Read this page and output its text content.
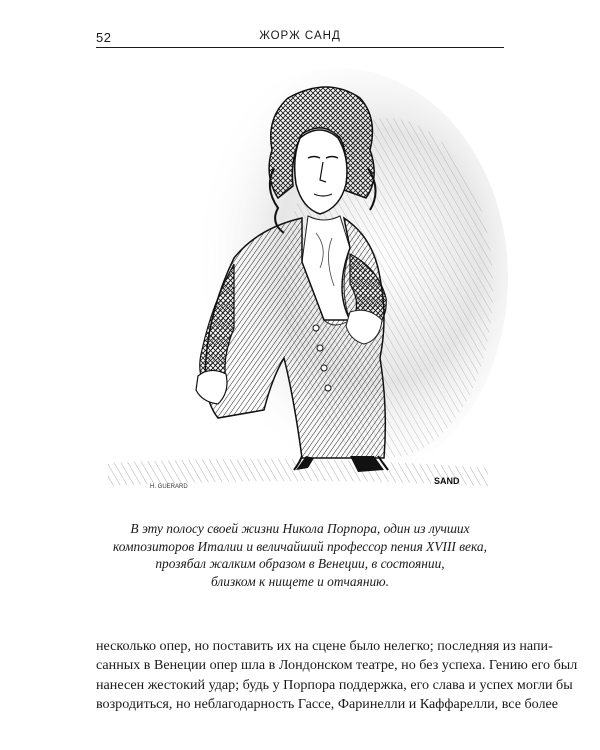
52	ЖОРЖ САНД
H. GUERARD
SAND
В эту полосу своей жизни Никола Порпора, один из лучших
композиторов Италии и величайший профессор пения XVIII века,
прозябал жалким образом в Венеции, в состоянии,
близком к нищете и отчаянию.
несколько опер, но поставить их на сцене было нелегко; последняя из напи-
санных в Венеции опер шла в Лондонском театре, но без успеха. Гению его был
нанесен жестокий удар; будь у Порпора поддержка, его слава и успех могли бы
возродиться, но неблагодарность Гассе, Фаринелли и Каффарелли, все более
